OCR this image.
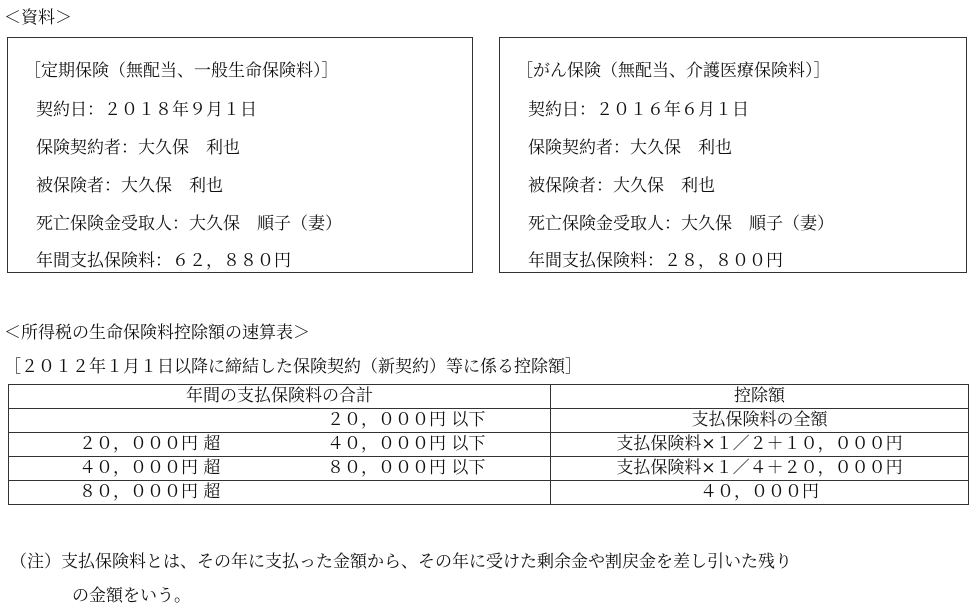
＜資料＞
［定期保険（無配当、一般生命保険料）］
契約日：２０１８年９月１日
保険契約者：大久保　利也
被保険者：大久保　利也
死亡保険金受取人：大久保　順子（妻）
年間支払保険料：６２，８８０円
［がん保険（無配当、介護医療保険料）］
契約日：２０１６年６月１日
保険契約者：大久保　利也
被保険者：大久保　利也
死亡保険金受取人：大久保　順子（妻）
年間支払保険料：２８，８００円
＜所得税の生命保険料控除額の速算表＞
［２０１２年１月１日以降に締結した保険契約（新契約）等に係る控除額］
年間の支払保険料の合計	控除額

２０，０００円 以下	支払保険料の全額

２０，０００円 超 ４０，０００円 以下	支払保険料×１／２＋１０，０００円

４０，０００円 超 ８０，０００円 以下	支払保険料×１／４＋２０，０００円

８０，０００円 超	４０，０００円
（注）支払保険料とは、その年に支払った金額から、その年に受けた剰余金や割戻金を差し引いた残り
の金額をいう。
